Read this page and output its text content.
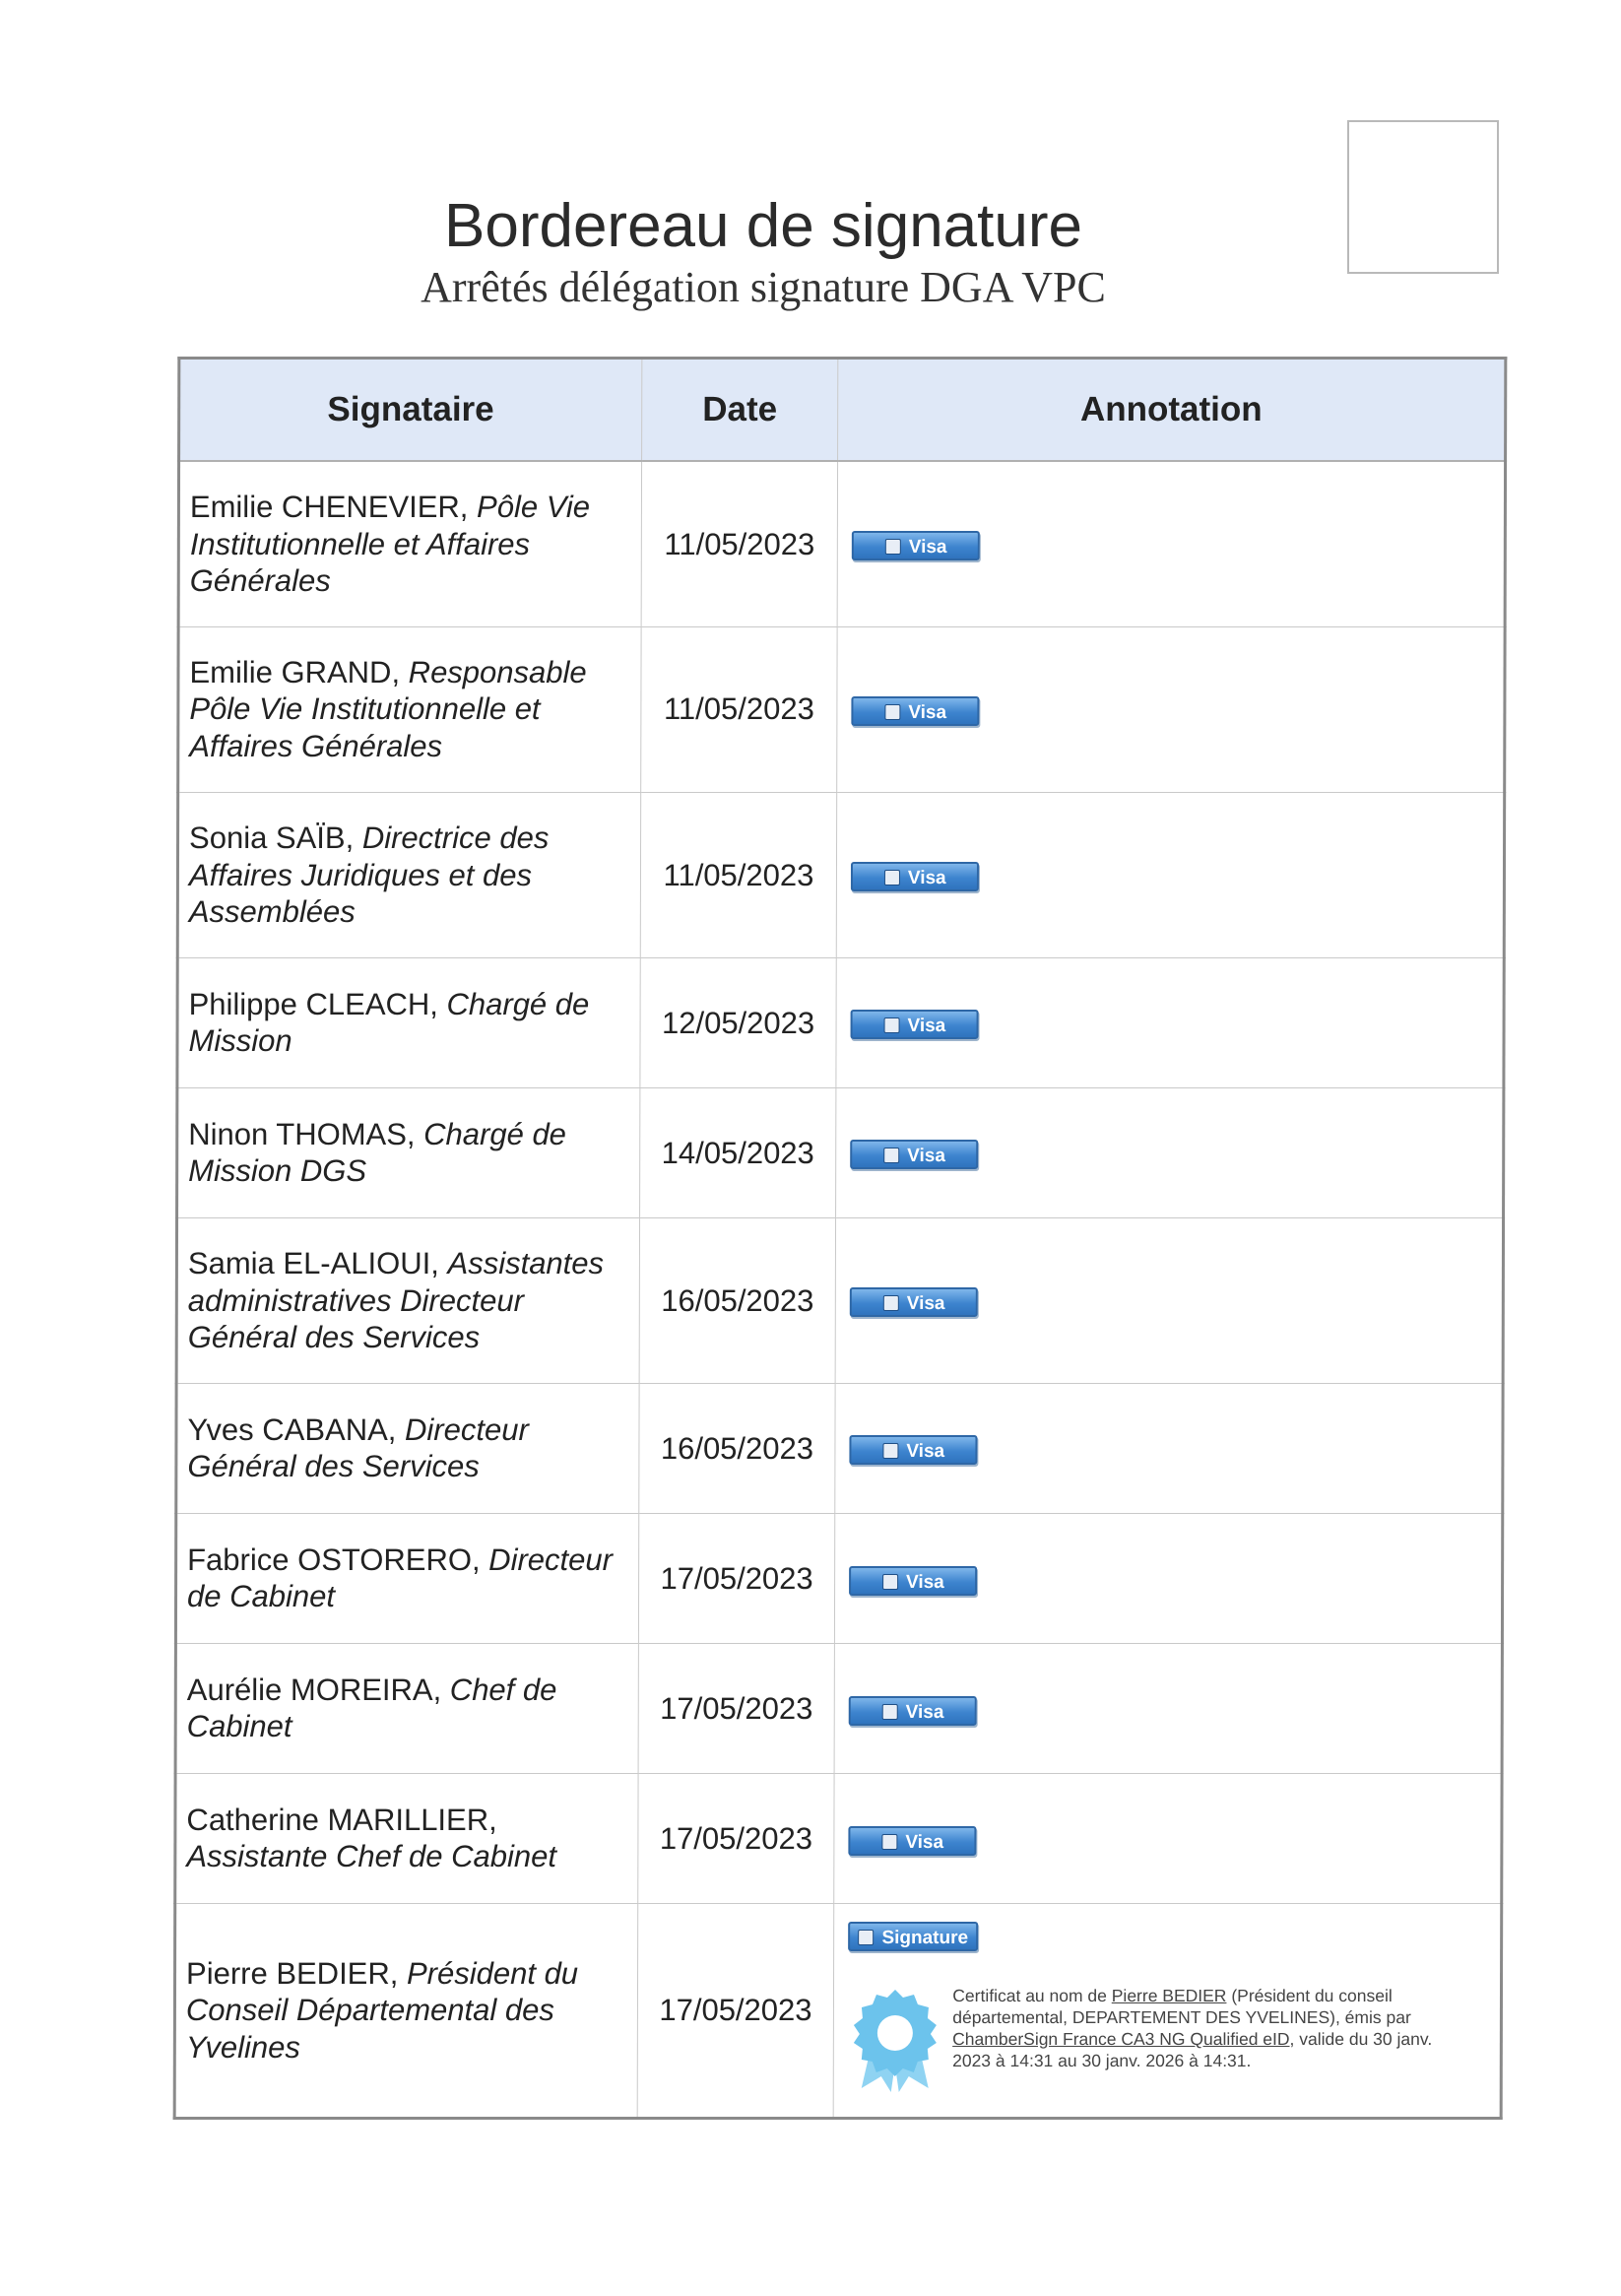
Bordereau de signature
Arrêtés délégation signature DGA VPC
Signataire	Date	Annotation
Emilie CHENEVIER, Pôle Vie Institutionnelle et Affaires Générales	11/05/2023	Visa
Emilie GRAND, Responsable Pôle Vie Institutionnelle et Affaires Générales	11/05/2023	Visa
Sonia SAÏB, Directrice des Affaires Juridiques et des Assemblées	11/05/2023	Visa
Philippe CLEACH, Chargé de Mission	12/05/2023	Visa
Ninon THOMAS, Chargé de Mission DGS	14/05/2023	Visa
Samia EL-ALIOUI, Assistantes administratives Directeur Général des Services	16/05/2023	Visa
Yves CABANA, Directeur Général des Services	16/05/2023	Visa
Fabrice OSTORERO, Directeur de Cabinet	17/05/2023	Visa
Aurélie MOREIRA, Chef de Cabinet	17/05/2023	Visa
Catherine MARILLIER, Assistante Chef de Cabinet	17/05/2023	Visa
Pierre BEDIER, Président du Conseil Départemental des Yvelines	17/05/2023	Signature
Certificat au nom de Pierre BEDIER (Président du conseil départemental, DEPARTEMENT DES YVELINES), émis par ChamberSign France CA3 NG Qualified eID, valide du 30 janv. 2023 à 14:31 au 30 janv. 2026 à 14:31.
